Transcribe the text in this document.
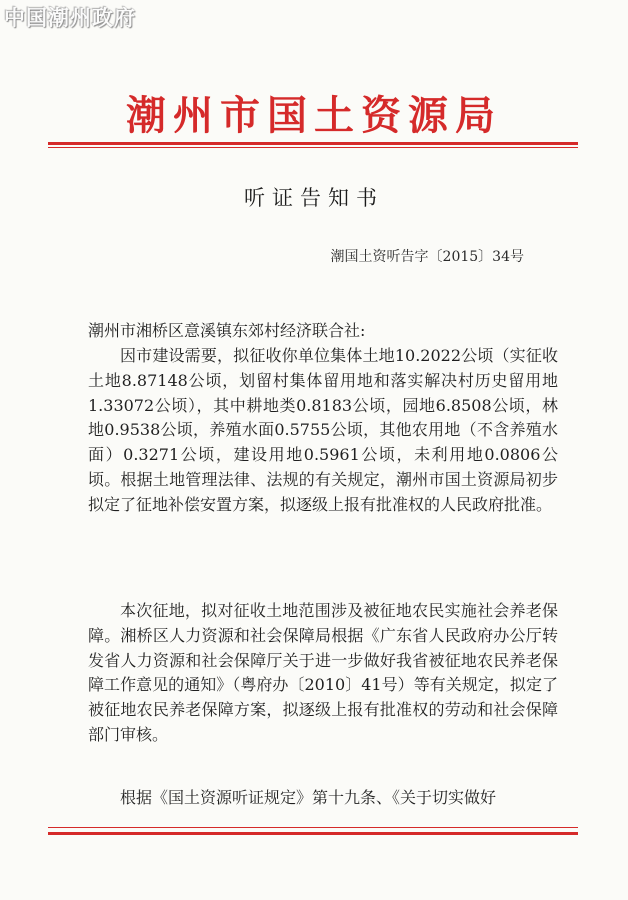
中国潮州政府
潮州市国土资源局
听证告知书
潮国土资听告字〔2015〕34号
潮州市湘桥区意溪镇东郊村经济联合社:

因市建设需要，拟征收你单位集体土地10.2022公顷（实征收土地8.87148公顷，划留村集体留用地和落实解决村历史留用地1.33072公顷），其中耕地类0.8183公顷，园地6.8508公顷，林地0.9538公顷，养殖水面0.5755公顷，其他农用地（不含养殖水面）0.3271公顷，建设用地0.5961公顷，未利用地0.0806公顷。根据土地管理法律、法规的有关规定，潮州市国土资源局初步拟定了征地补偿安置方案，拟逐级上报有批准权的人民政府批准。

本次征地，拟对征收土地范围涉及被征地农民实施社会养老保障。湘桥区人力资源和社会保障局根据《广东省人民政府办公厅转发省人力资源和社会保障厅关于进一步做好我省被征地农民养老保障工作意见的通知》（粤府办〔2010〕41号）等有关规定，拟定了被征地农民养老保障方案，拟逐级上报有批准权的劳动和社会保障部门审核。

根据《国土资源听证规定》第十九条、《关于切实做好
